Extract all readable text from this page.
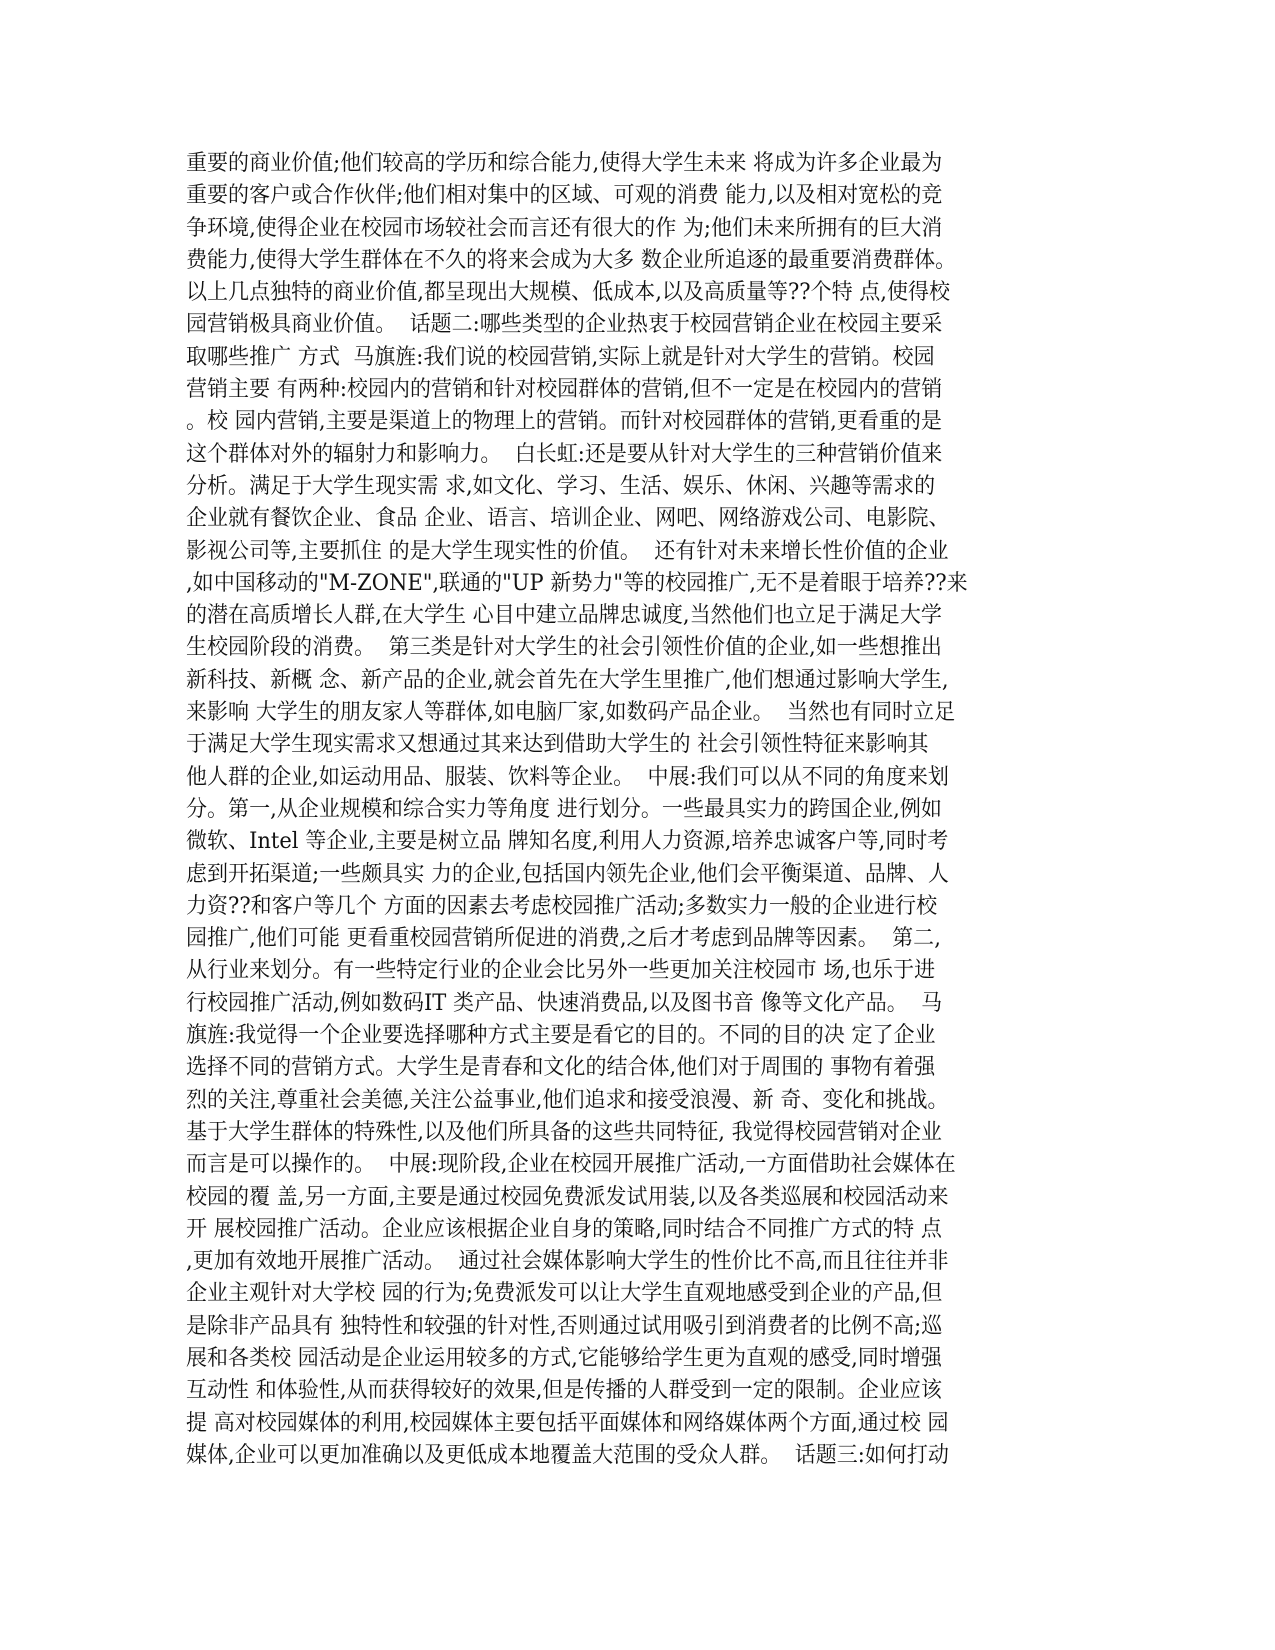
重要的商业价值;他们较高的学历和综合能力,使得大学生未来 将成为许多企业最为
重要的客户或合作伙伴;他们相对集中的区域、可观的消费 能力,以及相对宽松的竞
争环境,使得企业在校园市场较社会而言还有很大的作 为;他们未来所拥有的巨大消
费能力,使得大学生群体在不久的将来会成为大多 数企业所追逐的最重要消费群体。
以上几点独特的商业价值,都呈现出大规模、低成本,以及高质量等??个特 点,使得校
园营销极具商业价值。  话题二:哪些类型的企业热衷于校园营销企业在校园主要采
取哪些推广 方式  马旗旌:我们说的校园营销,实际上就是针对大学生的营销。校园
营销主要 有两种:校园内的营销和针对校园群体的营销,但不一定是在校园内的营销
。校 园内营销,主要是渠道上的物理上的营销。而针对校园群体的营销,更看重的是
这个群体对外的辐射力和影响力。  白长虹:还是要从针对大学生的三种营销价值来
分析。满足于大学生现实需 求,如文化、学习、生活、娱乐、休闲、兴趣等需求的
企业就有餐饮企业、食品 企业、语言、培训企业、网吧、网络游戏公司、电影院、
影视公司等,主要抓住 的是大学生现实性的价值。  还有针对未来增长性价值的企业
,如中国移动的"M-ZONE",联通的"UP 新势力"等的校园推广,无不是着眼于培养??来
的潜在高质增长人群,在大学生 心目中建立品牌忠诚度,当然他们也立足于满足大学
生校园阶段的消费。  第三类是针对大学生的社会引领性价值的企业,如一些想推出
新科技、新概 念、新产品的企业,就会首先在大学生里推广,他们想通过影响大学生,
来影响 大学生的朋友家人等群体,如电脑厂家,如数码产品企业。  当然也有同时立足
于满足大学生现实需求又想通过其来达到借助大学生的 社会引领性特征来影响其
他人群的企业,如运动用品、服装、饮料等企业。  中展:我们可以从不同的角度来划
分。第一,从企业规模和综合实力等角度 进行划分。一些最具实力的跨国企业,例如
微软、Intel 等企业,主要是树立品 牌知名度,利用人力资源,培养忠诚客户等,同时考
虑到开拓渠道;一些颇具实 力的企业,包括国内领先企业,他们会平衡渠道、品牌、人
力资??和客户等几个 方面的因素去考虑校园推广活动;多数实力一般的企业进行校
园推广,他们可能 更看重校园营销所促进的消费,之后才考虑到品牌等因素。  第二,
从行业来划分。有一些特定行业的企业会比另外一些更加关注校园市 场,也乐于进
行校园推广活动,例如数码IT 类产品、快速消费品,以及图书音 像等文化产品。  马
旗旌:我觉得一个企业要选择哪种方式主要是看它的目的。不同的目的决 定了企业
选择不同的营销方式。大学生是青春和文化的结合体,他们对于周围的 事物有着强
烈的关注,尊重社会美德,关注公益事业,他们追求和接受浪漫、新 奇、变化和挑战。
基于大学生群体的特殊性,以及他们所具备的这些共同特征, 我觉得校园营销对企业
而言是可以操作的。  中展:现阶段,企业在校园开展推广活动,一方面借助社会媒体在
校园的覆 盖,另一方面,主要是通过校园免费派发试用装,以及各类巡展和校园活动来
开 展校园推广活动。企业应该根据企业自身的策略,同时结合不同推广方式的特 点
,更加有效地开展推广活动。  通过社会媒体影响大学生的性价比不高,而且往往并非
企业主观针对大学校 园的行为;免费派发可以让大学生直观地感受到企业的产品,但
是除非产品具有 独特性和较强的针对性,否则通过试用吸引到消费者的比例不高;巡
展和各类校 园活动是企业运用较多的方式,它能够给学生更为直观的感受,同时增强
互动性 和体验性,从而获得较好的效果,但是传播的人群受到一定的限制。企业应该
提 高对校园媒体的利用,校园媒体主要包括平面媒体和网络媒体两个方面,通过校 园
媒体,企业可以更加准确以及更低成本地覆盖大范围的受众人群。  话题三:如何打动
